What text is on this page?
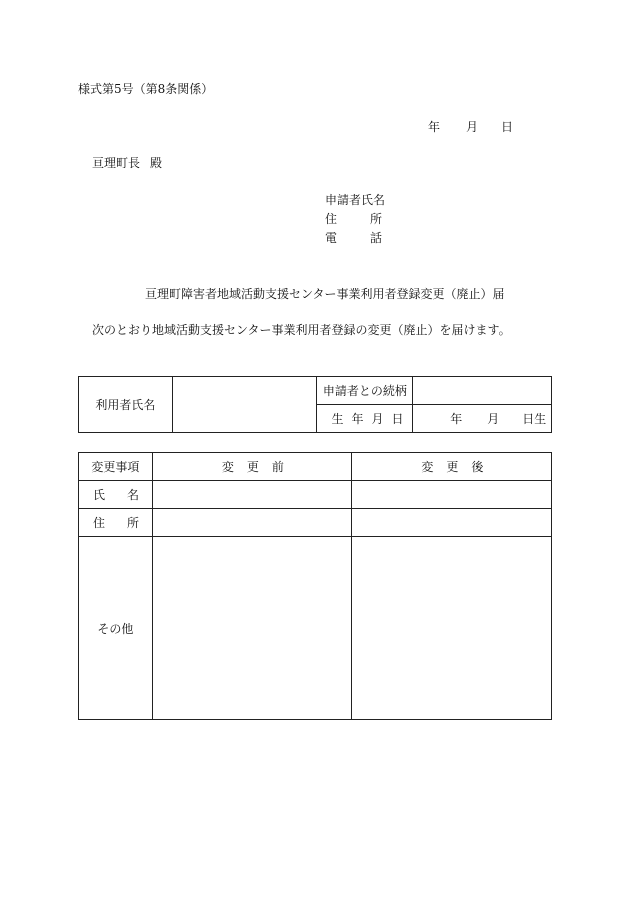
様式第5号（第8条関係）
年 月 日
亘理町長 殿
申請者氏名
住	所
電	話
亘理町障害者地域活動支援センター事業利用者登録変更（廃止）届
次のとおり地域活動支援センター事業利用者登録の変更（廃止）を届けます。
利用者氏名		申請者との続柄	

		生 年 月 日	年 月 日生
変更事項	変 更 前	変 更 後

氏 名		

住 所		

その他		
